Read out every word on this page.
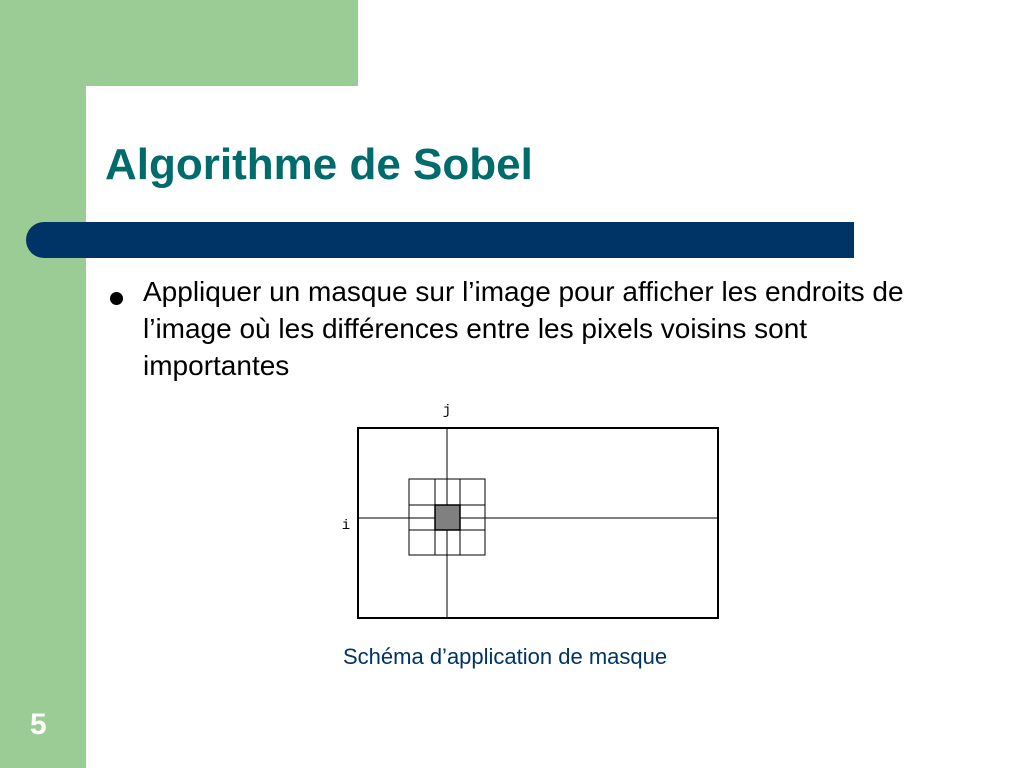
Algorithme de Sobel

Appliquer un masque sur l’image pour afficher les endroits de l’image où les différences entre les pixels voisins sont importantes

j
i

Schéma d’application de masque

5
